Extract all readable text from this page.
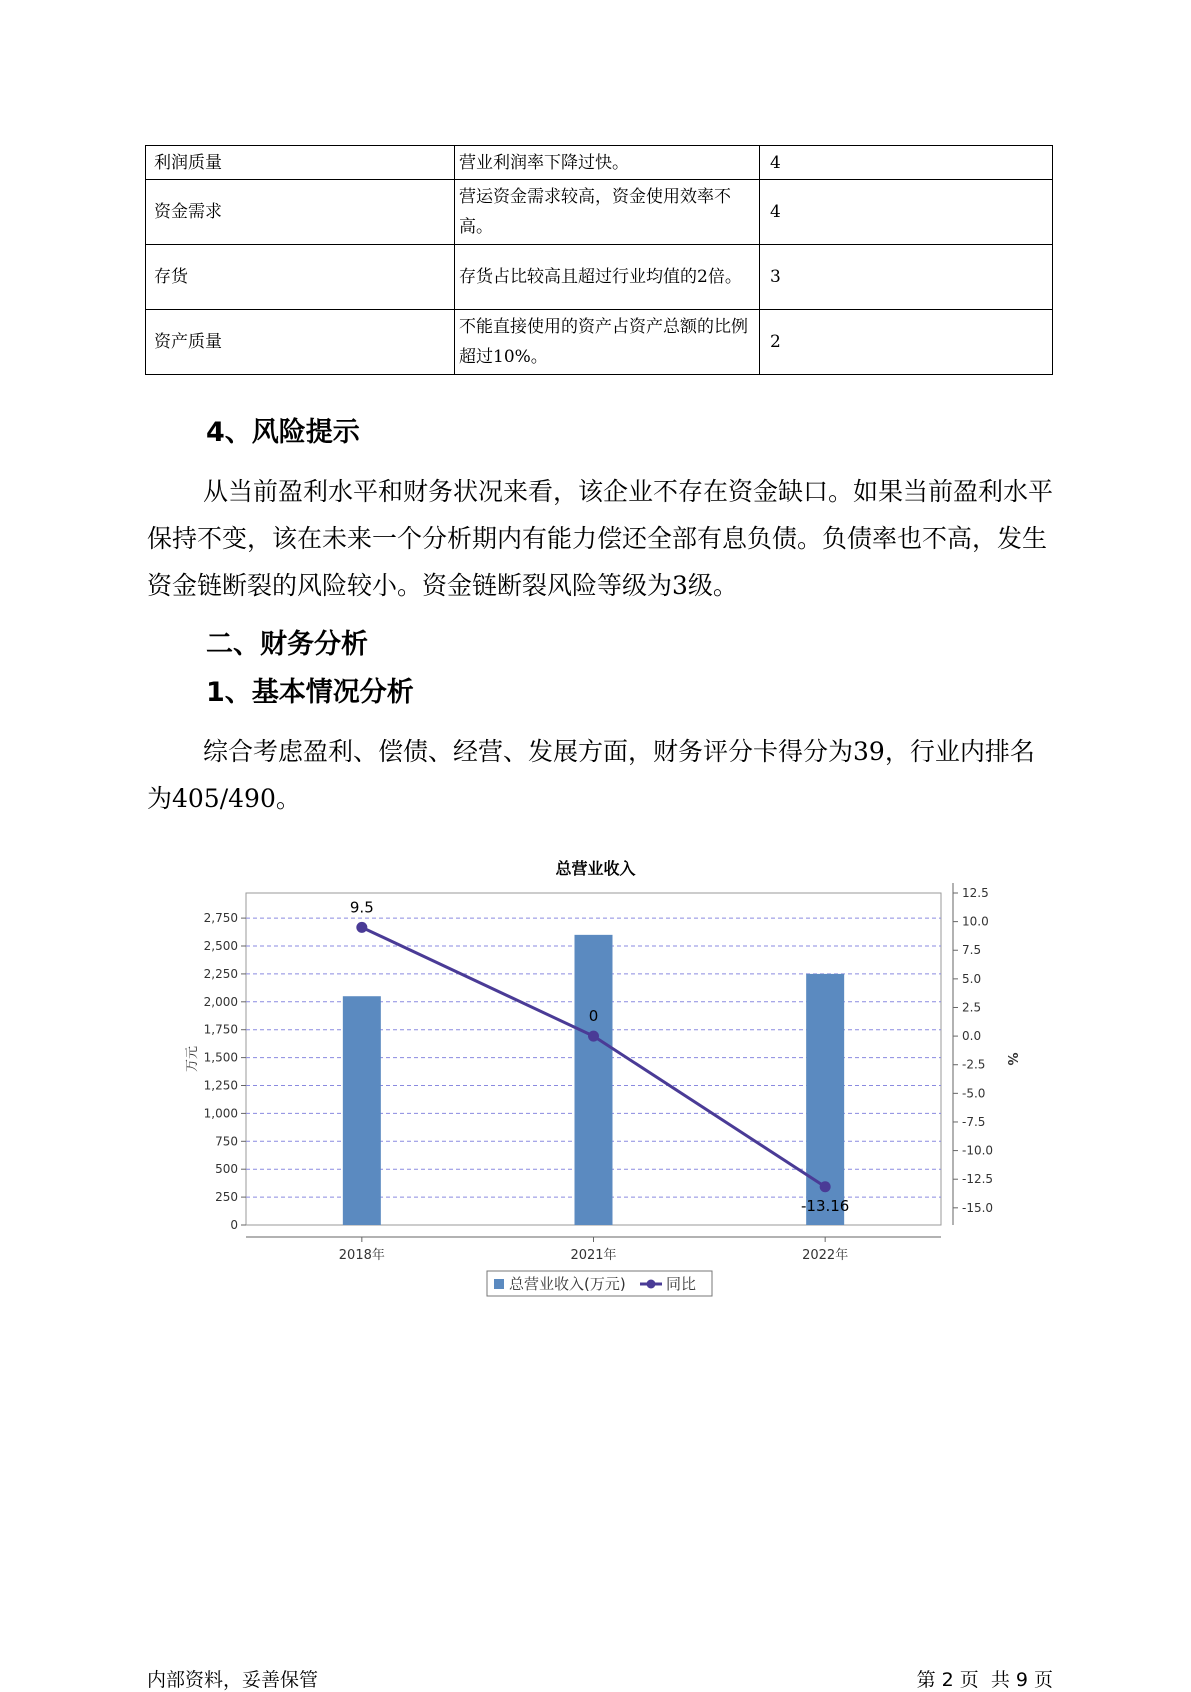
利润质量	营业利润率下降过快。	4
资金需求	营运资金需求较高，资金使用效率不高。	4
存货	存货占比较高且超过行业均值的2倍。	3
资产质量	不能直接使用的资产占资产总额的比例超过10%。	2
4、风险提示

从当前盈利水平和财务状况来看，该企业不存在资金缺口。如果当前盈利水平保持不变，该在未来一个分析期内有能力偿还全部有息负债。负债率也不高，发生资金链断裂的风险较小。资金链断裂风险等级为3级。

二、财务分析
1、基本情况分析

综合考虑盈利、偿债、经营、发展方面，财务评分卡得分为39，行业内排名为405/490。

总营业收入
0
250
500
750
1,000
1,250
1,500
1,750
2,000
2,250
2,500
2,750
-15.0
-12.5
-10.0
-7.5
-5.0
-2.5
0.0
2.5
5.0
7.5
10.0
12.5
万元	%
2018年	2021年	2022年
9.5
0
-13.16
总营业收入(万元)	同比
内部资料，妥善保管	第 2 页  共 9 页
